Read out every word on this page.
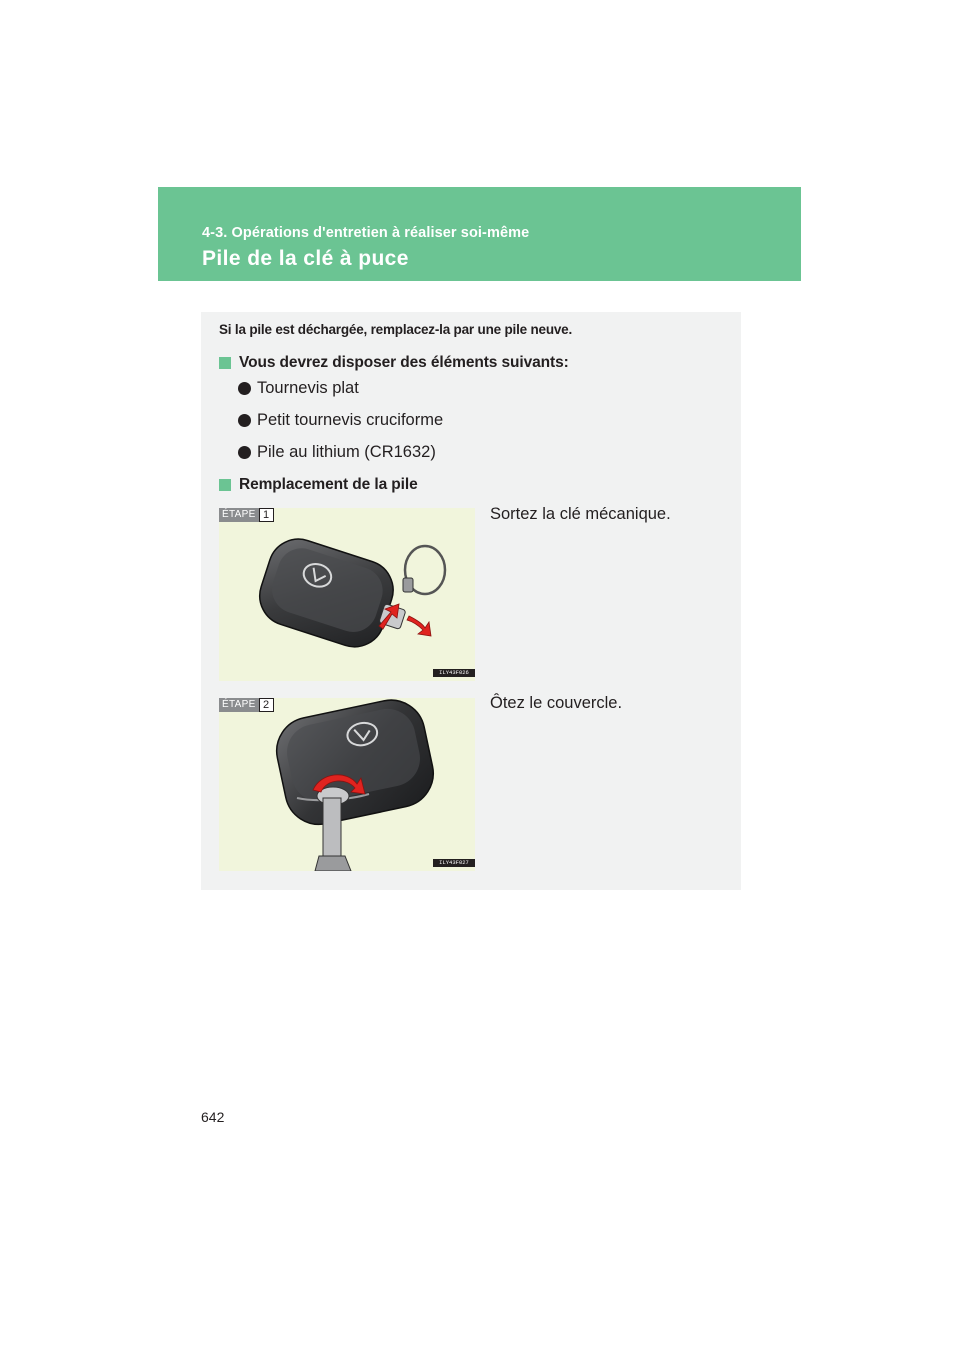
4-3. Opérations d'entretien à réaliser soi-même
Pile de la clé à puce
Si la pile est déchargée, remplacez-la par une pile neuve.
Vous devrez disposer des éléments suivants:
Tournevis plat
Petit tournevis cruciforme
Pile au lithium (CR1632)
Remplacement de la pile
ÉTAPE 1
ILY43F026
Sortez la clé mécanique.
ÉTAPE 2
ILY43F027
Ôtez le couvercle.
642
